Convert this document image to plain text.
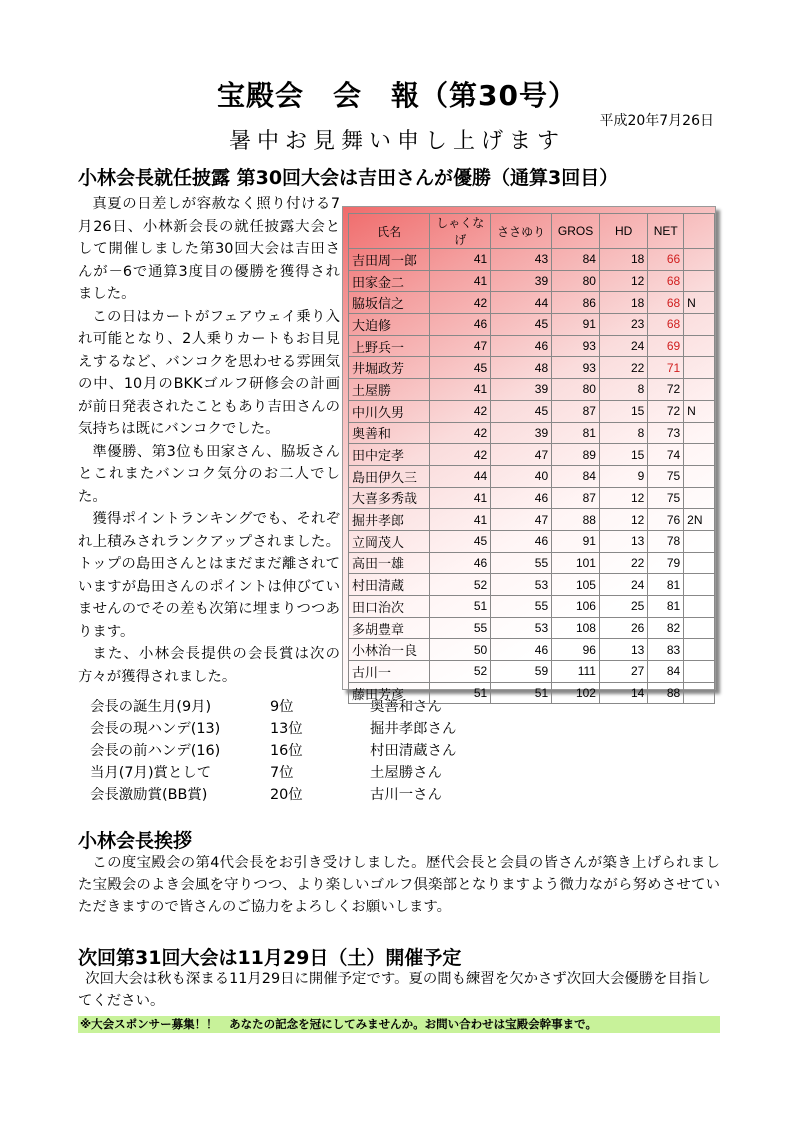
宝殿会　会　報（第30号）
平成20年7月26日
暑中お見舞い申し上げます
小林会長就任披露 第30回大会は吉田さんが優勝（通算3回目）

真夏の日差しが容赦なく照り付ける7月26日、小林新会長の就任披露大会として開催しました第30回大会は吉田さんが－6で通算3度目の優勝を獲得されました。

この日はカートがフェアウェイ乗り入れ可能となり、2人乗りカートもお目見えするなど、バンコクを思わせる雰囲気の中、10月のBKKゴルフ研修会の計画が前日発表されたこともあり吉田さんの気持ちは既にバンコクでした。

準優勝、第3位も田家さん、脇坂さんとこれまたバンコク気分のお二人でした。

獲得ポイントランキングでも、それぞれ上積みされランクアップされました。トップの島田さんとはまだまだ離されていますが島田さんのポイントは伸びていませんのでその差も次第に埋まりつつあります。

また、小林会長提供の会長賞は次の方々が獲得されました。

会長の誕生月(9月)	9位	奥善和さん
会長の現ハンデ(13)	13位	掘井孝郎さん
会長の前ハンデ(16)	16位	村田清蔵さん
当月(7月)賞として	7位	土屋勝さん
会長激励賞(BB賞)	20位	古川一さん
氏名	しゃくなげ	ささゆり	GROS	HD	NET	
吉田周一郎	41	43	84	18	66	
田家金二	41	39	80	12	68	
脇坂信之	42	44	86	18	68	N
大迫修	46	45	91	23	68	
上野兵一	47	46	93	24	69	
井堀政芳	45	48	93	22	71	
土屋勝	41	39	80	8	72	
中川久男	42	45	87	15	72	N
奥善和	42	39	81	8	73	
田中定孝	42	47	89	15	74	
島田伊久三	44	40	84	9	75	
大喜多秀哉	41	46	87	12	75	
掘井孝郎	41	47	88	12	76	2N
立岡茂人	45	46	91	13	78	
高田一雄	46	55	101	22	79	
村田清蔵	52	53	105	24	81	
田口治次	51	55	106	25	81	
多胡豊章	55	53	108	26	82	
小林治一良	50	46	96	13	83	
古川一	52	59	111	27	84	
藤田芳彦	51	51	102	14	88	
小林会長挨拶

この度宝殿会の第4代会長をお引き受けしました。歴代会長と会員の皆さんが築き上げられました宝殿会のよき会風を守りつつ、より楽しいゴルフ倶楽部となりますよう微力ながら努めさせていただきますので皆さんのご協力をよろしくお願いします。

次回第31回大会は11月29日（土）開催予定

次回大会は秋も深まる11月29日に開催予定です。夏の間も練習を欠かさず次回大会優勝を目指してください。

※大会スポンサー募集！！　あなたの記念を冠にしてみませんか。お問い合わせは宝殿会幹事まで。
